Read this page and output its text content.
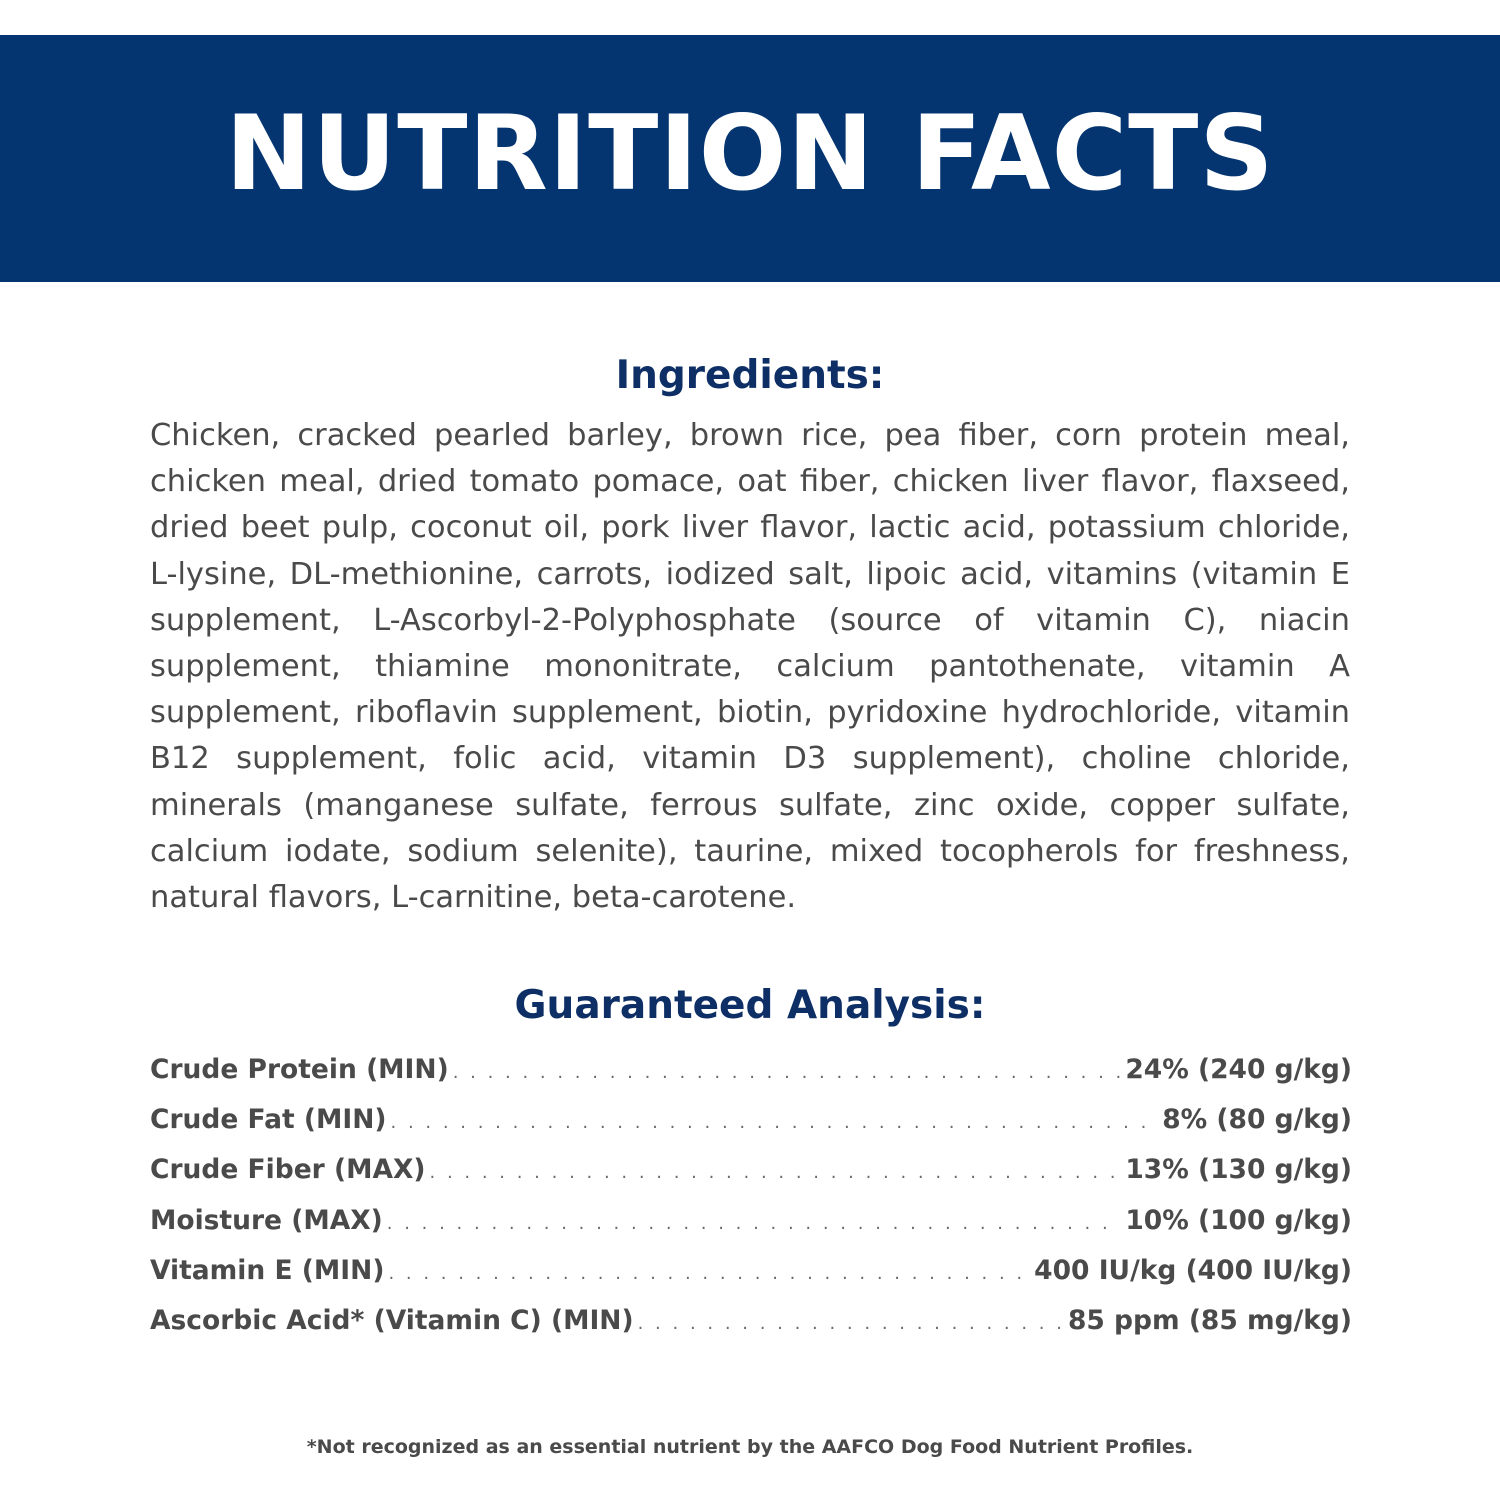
NUTRITION FACTS
Ingredients:

Chicken, cracked pearled barley, brown rice, pea fiber, corn protein meal, chicken meal, dried tomato pomace, oat fiber, chicken liver flavor, flaxseed, dried beet pulp, coconut oil, pork liver flavor, lactic acid, potassium chloride, L-lysine, DL-methionine, carrots, iodized salt, lipoic acid, vitamins (vitamin E supplement, L-Ascorbyl-2-Polyphosphate (source of vitamin C), niacin supplement, thiamine mononitrate, calcium pantothenate, vitamin A supplement, riboflavin supplement, biotin, pyridoxine hydrochloride, vitamin B12 supplement, folic acid, vitamin D3 supplement), choline chloride, minerals (manganese sulfate, ferrous sulfate, zinc oxide, copper sulfate, calcium iodate, sodium selenite), taurine, mixed tocopherols for freshness, natural flavors, L-carnitine, beta-carotene.

Guaranteed Analysis:
Crude Protein (MIN) . . .	24% (240 g/kg)
Crude Fat (MIN) . . .	8% (80 g/kg)
Crude Fiber (MAX) . . .	13% (130 g/kg)
Moisture (MAX) . . .	10% (100 g/kg)
Vitamin E (MIN) . . .	400 IU/kg (400 IU/kg)
Ascorbic Acid* (Vitamin C) (MIN) . . .	85 ppm (85 mg/kg)
*Not recognized as an essential nutrient by the AAFCO Dog Food Nutrient Profiles.
